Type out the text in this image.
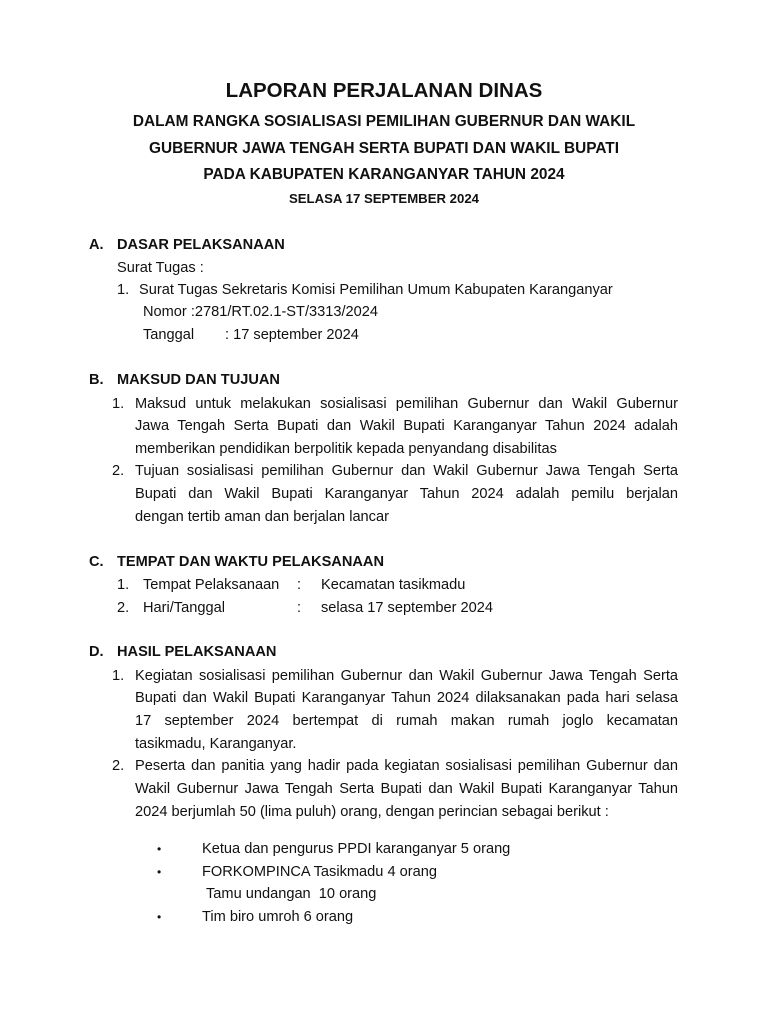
LAPORAN PERJALANAN DINAS
DALAM RANGKA SOSIALISASI PEMILIHAN GUBERNUR DAN WAKIL
GUBERNUR JAWA TENGAH SERTA BUPATI DAN WAKIL BUPATI
PADA KABUPATEN KARANGANYAR TAHUN 2024
SELASA 17 SEPTEMBER 2024
A. DASAR PELAKSANAAN
Surat Tugas :
1. Surat Tugas Sekretaris Komisi Pemilihan Umum Kabupaten Karanganyar
Nomor :2781/RT.02.1-ST/3313/2024
Tanggal : 17 september 2024
B. MAKSUD DAN TUJUAN
1. Maksud untuk melakukan sosialisasi pemilihan Gubernur dan Wakil Gubernur
Jawa Tengah Serta Bupati dan Wakil Bupati Karanganyar Tahun 2024 adalah
memberikan pendidikan berpolitik kepada penyandang disabilitas
2. Tujuan sosialisasi pemilihan Gubernur dan Wakil Gubernur Jawa Tengah Serta
Bupati dan Wakil Bupati Karanganyar Tahun 2024 adalah pemilu berjalan
dengan tertib aman dan berjalan lancar
C. TEMPAT DAN WAKTU PELAKSANAAN
1. Tempat Pelaksanaan : Kecamatan tasikmadu
2. Hari/Tanggal	: selasa 17 september 2024
D. HASIL PELAKSANAAN
1. Kegiatan sosialisasi pemilihan Gubernur dan Wakil Gubernur Jawa Tengah Serta
Bupati dan Wakil Bupati Karanganyar Tahun 2024 dilaksanakan pada hari selasa
17 september 2024 bertempat di rumah makan rumah joglo kecamatan
tasikmadu, Karanganyar.
2. Peserta dan panitia yang hadir pada kegiatan sosialisasi pemilihan Gubernur dan
Wakil Gubernur Jawa Tengah Serta Bupati dan Wakil Bupati Karanganyar Tahun
2024 berjumlah 50 (lima puluh) orang, dengan perincian sebagai berikut :
•	Ketua dan pengurus PPDI karanganyar 5 orang
•	FORKOMPINCA Tasikmadu 4 orang
Tamu undangan  10 orang
•	Tim biro umroh 6 orang
